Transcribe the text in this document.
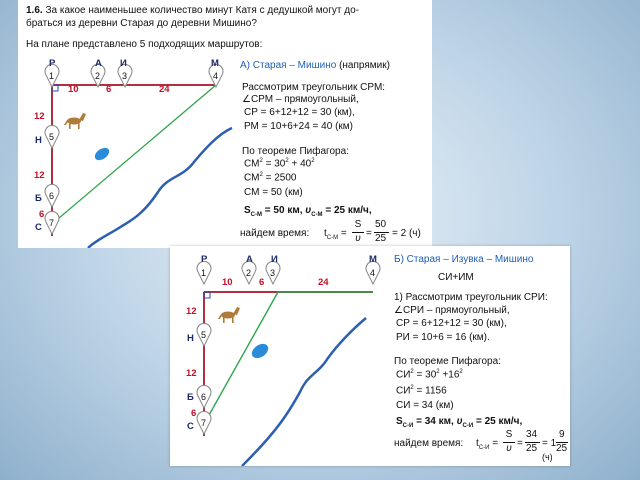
1.6. За какое наименьшее количество минут Катя с дедушкой могут до-
браться из деревни Старая до деревни Мишино?
На плане представлено 5 подходящих маршрутов:
1	2 3	4
5
6
7
Р	А И	М
Н
Б
С
10	6	24
12
12
6
А) Старая – Мишино (напрямик)
Рассмотрим треугольник СРМ:
∠СРМ – прямоугольный,
СР = 6+12+12 = 30 (км),
РМ = 10+6+24 = 40 (км)
По теореме Пифагора:
$СМ^2 = 30^2 + 40^2$
$СМ^2 = 2500$
СМ = 50 (км)
$S_{С-М} = 50$ км, $\upsilon_{С-М} = 25$ км/ч,
найдем время: $t_{С-М}$ =
S
υ =
50
25 = 2 (ч)
1	2 3	4
5
6
7
Р	А И	М
Н
Б
С
10	6	24
12
12
6
Б) Старая – Изувка – Мишино
СИ+ИМ
1) Рассмотрим треугольник СРИ:
∠СРИ – прямоугольный,
СР = 6+12+12 = 30 (км),
РИ = 10+6 = 16 (км).
По теореме Пифагора:
$СИ^2 = 30^2 +16^2$
$СИ^2 = 1156$
СИ = 34 (км)
$S_{С-И} = 34$ км, $\upsilon_{С-И} = 25$ км/ч,
найдем время: $t_{С-И}$ =
S
υ =
34
25 = 1
9
25
(ч)
